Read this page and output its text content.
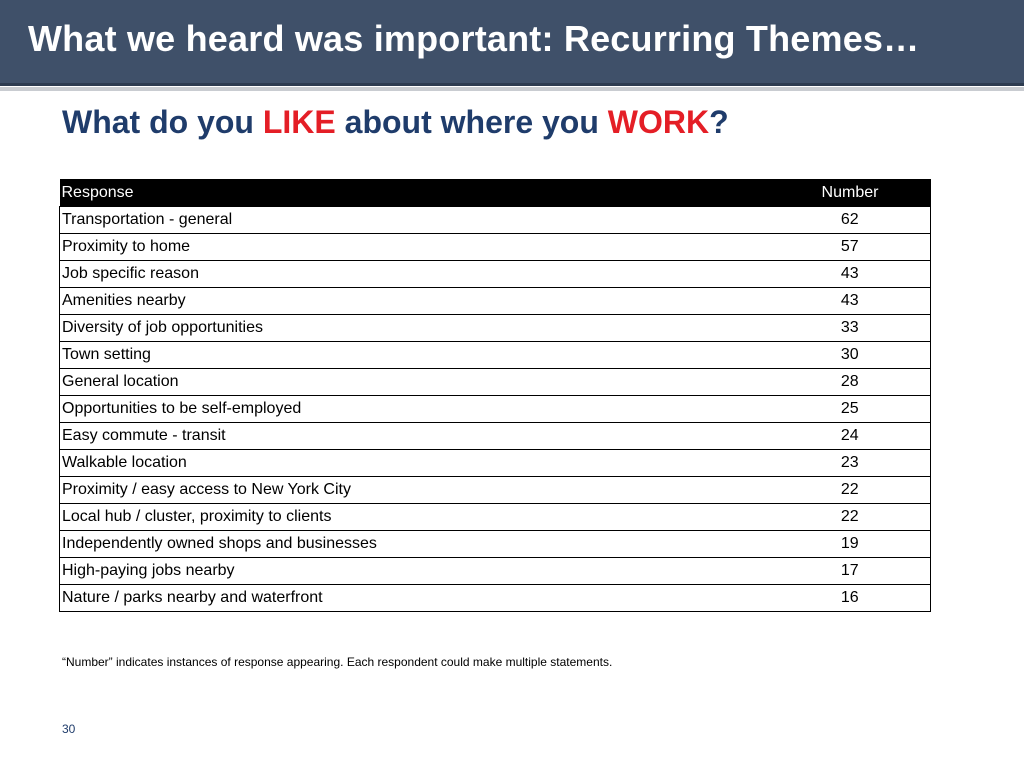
What we heard was important: Recurring Themes…
What do you LIKE about where you WORK?
Response	Number
Transportation - general	62
Proximity to home	57
Job specific reason	43
Amenities nearby	43
Diversity of job opportunities	33
Town setting	30
General location	28
Opportunities to be self-employed	25
Easy commute - transit	24
Walkable location	23
Proximity / easy access to New York City	22
Local hub / cluster, proximity to clients	22
Independently owned shops and businesses	19
High-paying jobs nearby	17
Nature / parks nearby and waterfront	16
“Number” indicates instances of response appearing. Each respondent could make multiple statements.
30
